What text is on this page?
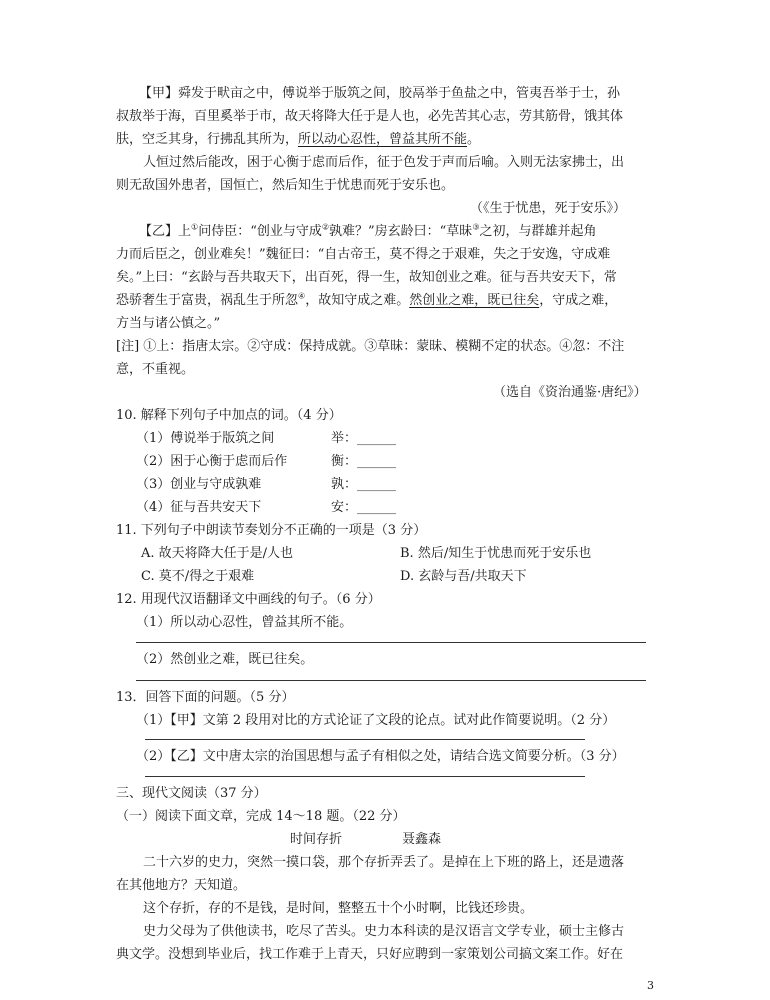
【甲】舜发于畎亩之中，傅说举于版筑之间，胶鬲举于鱼盐之中，管夷吾举于士，孙
叔敖举于海，百里奚举于市，故天将降大任于是人也，必先苦其心志，劳其筋骨，饿其体
肤，空乏其身，行拂乱其所为，所以动心忍性，曾益其所不能。
人恒过然后能改，困于心衡于虑而后作，征于色发于声而后喻。入则无法家拂士，出
则无敌国外患者，国恒亡，然后知生于忧患而死于安乐也。
（《生于忧患，死于安乐》）
【乙】上①问侍臣：“创业与守成②孰难？”房玄龄曰：“草昧③之初，与群雄并起角
力而后臣之，创业难矣！”魏征曰：“自古帝王，莫不得之于艰难，失之于安逸，守成难
矣。”上曰：“玄龄与吾共取天下，出百死，得一生，故知创业之难。征与吾共安天下，常
恐骄奢生于富贵，祸乱生于所忽④，故知守成之难。然创业之难，既已往矣，守成之难，
方当与诸公慎之。”
[注] ①上：指唐太宗。②守成：保持成就。③草昧：蒙昧、模糊不定的状态。④忽：不注
意，不重视。
（选自《资治通鉴·唐纪》）
10. 解释下列句子中加点的词。（4 分）
（1）傅说举于版筑之间	举：______
（2）困于心衡于虑而后作	衡：______
（3）创业与守成孰难	孰：______
（4）征与吾共安天下	安：______
11. 下列句子中朗读节奏划分不正确的一项是（3 分）
A. 故天将降大任于是/人也	B. 然后/知生于忧患而死于安乐也
C. 莫不/得之于艰难	D. 玄龄与吾/共取天下
12. 用现代汉语翻译文中画线的句子。（6 分）
（1）所以动心忍性，曾益其所不能。
（2）然创业之难，既已往矣。
13．回答下面的问题。（5 分）
（1）【甲】文第 2 段用对比的方式论证了文段的论点。试对此作简要说明。（2 分）
（2）【乙】文中唐太宗的治国思想与孟子有相似之处，请结合选文简要分析。（3 分）
三、现代文阅读（37 分）
（一）阅读下面文章，完成 14～18 题。（22 分）
时间存折	聂鑫森
二十六岁的史力，突然一摸口袋，那个存折弄丢了。是掉在上下班的路上，还是遗落
在其他地方？天知道。
这个存折，存的不是钱，是时间，整整五十个小时啊，比钱还珍贵。
史力父母为了供他读书，吃尽了苦头。史力本科读的是汉语言文学专业，硕士主修古
典文学。没想到毕业后，找工作难于上青天，只好应聘到一家策划公司搞文案工作。好在
3
